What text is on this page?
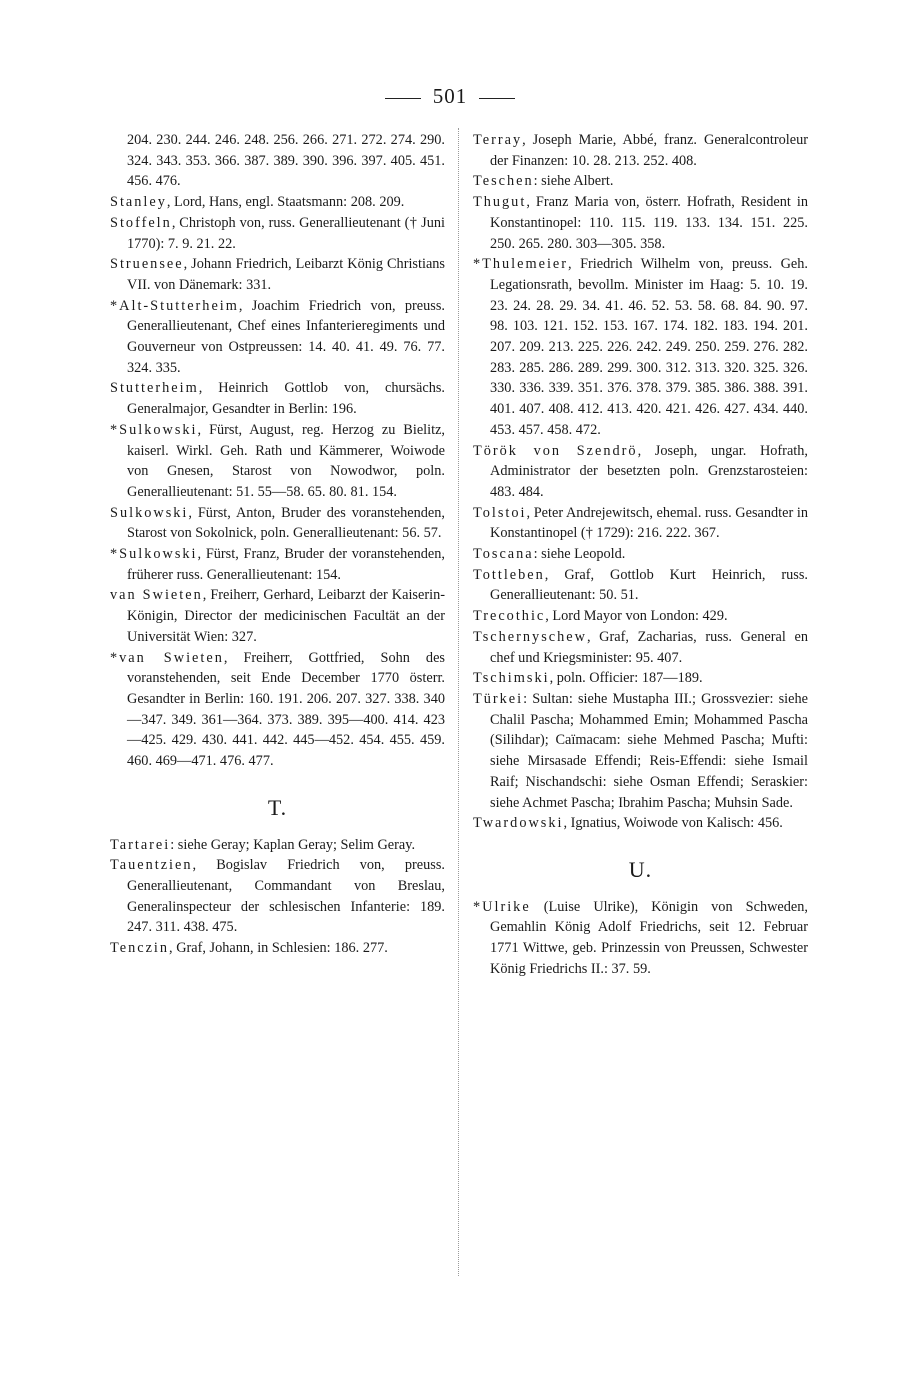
501

204. 230. 244. 246. 248. 256. 266. 271. 272. 274. 290. 324. 343. 353. 366. 387. 389. 390. 396. 397. 405. 451. 456. 476.

Stanley, Lord, Hans, engl. Staatsmann: 208. 209.

Stoffeln, Christoph von, russ. Generallieutenant († Juni 1770): 7. 9. 21. 22.

Struensee, Johann Friedrich, Leibarzt König Christians VII. von Dänemark: 331.

*Alt-Stutterheim, Joachim Friedrich von, preuss. Generallieutenant, Chef eines Infanterieregiments und Gouverneur von Ostpreussen: 14. 40. 41. 49. 76. 77. 324. 335.

Stutterheim, Heinrich Gottlob von, chursächs. Generalmajor, Gesandter in Berlin: 196.

*Sulkowski, Fürst, August, reg. Herzog zu Bielitz, kaiserl. Wirkl. Geh. Rath und Kämmerer, Woiwode von Gnesen, Starost von Nowodwor, poln. Generallieutenant: 51. 55—58. 65. 80. 81. 154.

Sulkowski, Fürst, Anton, Bruder des voranstehenden, Starost von Sokolnick, poln. Generallieutenant: 56. 57.

*Sulkowski, Fürst, Franz, Bruder der voranstehenden, früherer russ. Generallieutenant: 154.

van Swieten, Freiherr, Gerhard, Leibarzt der Kaiserin-Königin, Director der medicinischen Facultät an der Universität Wien: 327.

*van Swieten, Freiherr, Gottfried, Sohn des voranstehenden, seit Ende December 1770 österr. Gesandter in Berlin: 160. 191. 206. 207. 327. 338. 340—347. 349. 361—364. 373. 389. 395—400. 414. 423—425. 429. 430. 441. 442. 445—452. 454. 455. 459. 460. 469—471. 476. 477.

T.

Tartarei: siehe Geray; Kaplan Geray; Selim Geray.

Tauentzien, Bogislav Friedrich von, preuss. Generallieutenant, Commandant von Breslau, Generalinspecteur der schlesischen Infanterie: 189. 247. 311. 438. 475.

Tenczin, Graf, Johann, in Schlesien: 186. 277.

Terray, Joseph Marie, Abbé, franz. Generalcontroleur der Finanzen: 10. 28. 213. 252. 408.

Teschen: siehe Albert.

Thugut, Franz Maria von, österr. Hofrath, Resident in Konstantinopel: 110. 115. 119. 133. 134. 151. 225. 250. 265. 280. 303—305. 358.

*Thulemeier, Friedrich Wilhelm von, preuss. Geh. Legationsrath, bevollm. Minister im Haag: 5. 10. 19. 23. 24. 28. 29. 34. 41. 46. 52. 53. 58. 68. 84. 90. 97. 98. 103. 121. 152. 153. 167. 174. 182. 183. 194. 201. 207. 209. 213. 225. 226. 242. 249. 250. 259. 276. 282. 283. 285. 286. 289. 299. 300. 312. 313. 320. 325. 326. 330. 336. 339. 351. 376. 378. 379. 385. 386. 388. 391. 401. 407. 408. 412. 413. 420. 421. 426. 427. 434. 440. 453. 457. 458. 472.

Török von Szendrö, Joseph, ungar. Hofrath, Administrator der besetzten poln. Grenzstarosteien: 483. 484.

Tolstoi, Peter Andrejewitsch, ehemal. russ. Gesandter in Konstantinopel († 1729): 216. 222. 367.

Toscana: siehe Leopold.

Tottleben, Graf, Gottlob Kurt Heinrich, russ. Generallieutenant: 50. 51.

Trecothic, Lord Mayor von London: 429.

Tschernyschew, Graf, Zacharias, russ. General en chef und Kriegsminister: 95. 407.

Tschimski, poln. Officier: 187—189.

Türkei: Sultan: siehe Mustapha III.; Grossvezier: siehe Chalil Pascha; Mohammed Emin; Mohammed Pascha (Silihdar); Caïmacam: siehe Mehmed Pascha; Mufti: siehe Mirsasade Effendi; Reis-Effendi: siehe Ismail Raif; Nischandschi: siehe Osman Effendi; Seraskier: siehe Achmet Pascha; Ibrahim Pascha; Muhsin Sade.

Twardowski, Ignatius, Woiwode von Kalisch: 456.

U.

*Ulrike (Luise Ulrike), Königin von Schweden, Gemahlin König Adolf Friedrichs, seit 12. Februar 1771 Wittwe, geb. Prinzessin von Preussen, Schwester König Friedrichs II.: 37. 59.
